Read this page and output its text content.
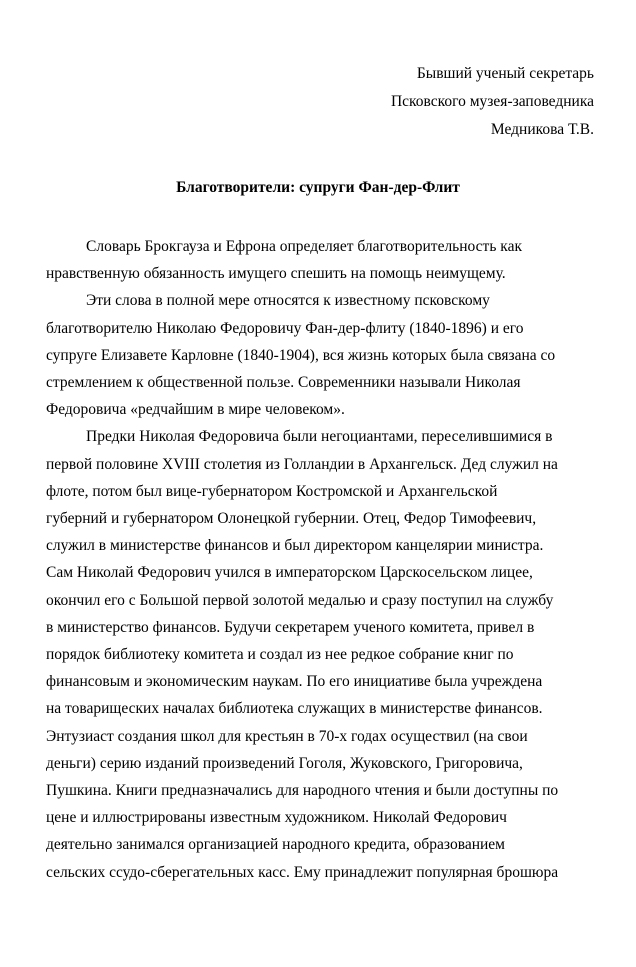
Бывший ученый секретарь
Псковского музея-заповедника
Медникова Т.В.
Благотворители: супруги Фан-дер-Флит

Словарь Брокгауза и Ефрона определяет благотворительность как
нравственную обязанность имущего спешить на помощь неимущему.

Эти слова в полной мере относятся к известному псковскому
благотворителю Николаю Федоровичу Фан-дер-флиту (1840-1896) и его
супруге Елизавете Карловне (1840-1904), вся жизнь которых была связана со
стремлением к общественной пользе. Современники называли Николая
Федоровича «редчайшим в мире человеком».

Предки Николая Федоровича были негоциантами, переселившимися в
первой половине XVIII столетия из Голландии в Архангельск. Дед служил на
флоте, потом был вице-губернатором Костромской и Архангельской
губерний и губернатором Олонецкой губернии. Отец, Федор Тимофеевич,
служил в министерстве финансов и был директором канцелярии министра.
Сам Николай Федорович учился в императорском Царскосельском лицее,
окончил его с Большой первой золотой медалью и сразу поступил на службу
в министерство финансов. Будучи секретарем ученого комитета, привел в
порядок библиотеку комитета и создал из нее редкое собрание книг по
финансовым и экономическим наукам. По его инициативе была учреждена
на товарищеских началах библиотека служащих в министерстве финансов.
Энтузиаст создания школ для крестьян в 70-х годах осуществил (на свои
деньги) серию изданий произведений Гоголя, Жуковского, Григоровича,
Пушкина. Книги предназначались для народного чтения и были доступны по
цене и иллюстрированы известным художником. Николай Федорович
деятельно занимался организацией народного кредита, образованием
сельских ссудо-сберегательных касс. Ему принадлежит популярная брошюра
